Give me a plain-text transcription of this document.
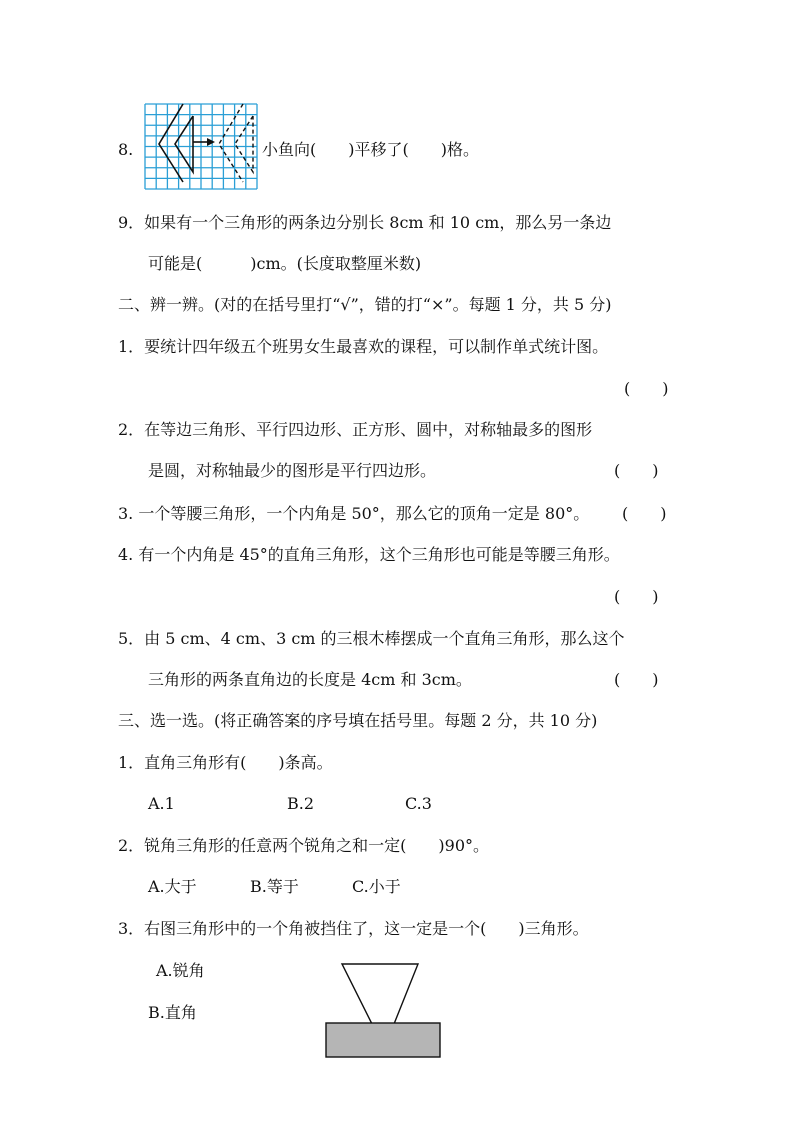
8.	小鱼向(　　)平移了(　　)格。
9．如果有一个三角形的两条边分别长 8cm 和 10 cm，那么另一条边
可能是(　　　)cm。(长度取整厘米数)
二、辨一辨。(对的在括号里打“√”，错的打“×”。每题 1 分，共 5 分)
1．要统计四年级五个班男女生最喜欢的课程，可以制作单式统计图。
(　　)
2．在等边三角形、平行四边形、正方形、圆中，对称轴最多的图形
是圆，对称轴最少的图形是平行四边形。	(　　)
3. 一个等腰三角形，一个内角是 50°，那么它的顶角一定是 80°。 (　　)
4. 有一个内角是 45°的直角三角形，这个三角形也可能是等腰三角形。
(　　)
5．由 5 cm、4 cm、3 cm 的三根木棒摆成一个直角三角形，那么这个
三角形的两条直角边的长度是 4cm 和 3cm。	(　　)
三、选一选。(将正确答案的序号填在括号里。每题 2 分，共 10 分)
1．直角三角形有(　　)条高。
A.1	B.2	C.3
2．锐角三角形的任意两个锐角之和一定(　　)90°。
A.大于	B.等于	C.小于
3．右图三角形中的一个角被挡住了，这一定是一个(　　)三角形。
A.锐角
B.直角
